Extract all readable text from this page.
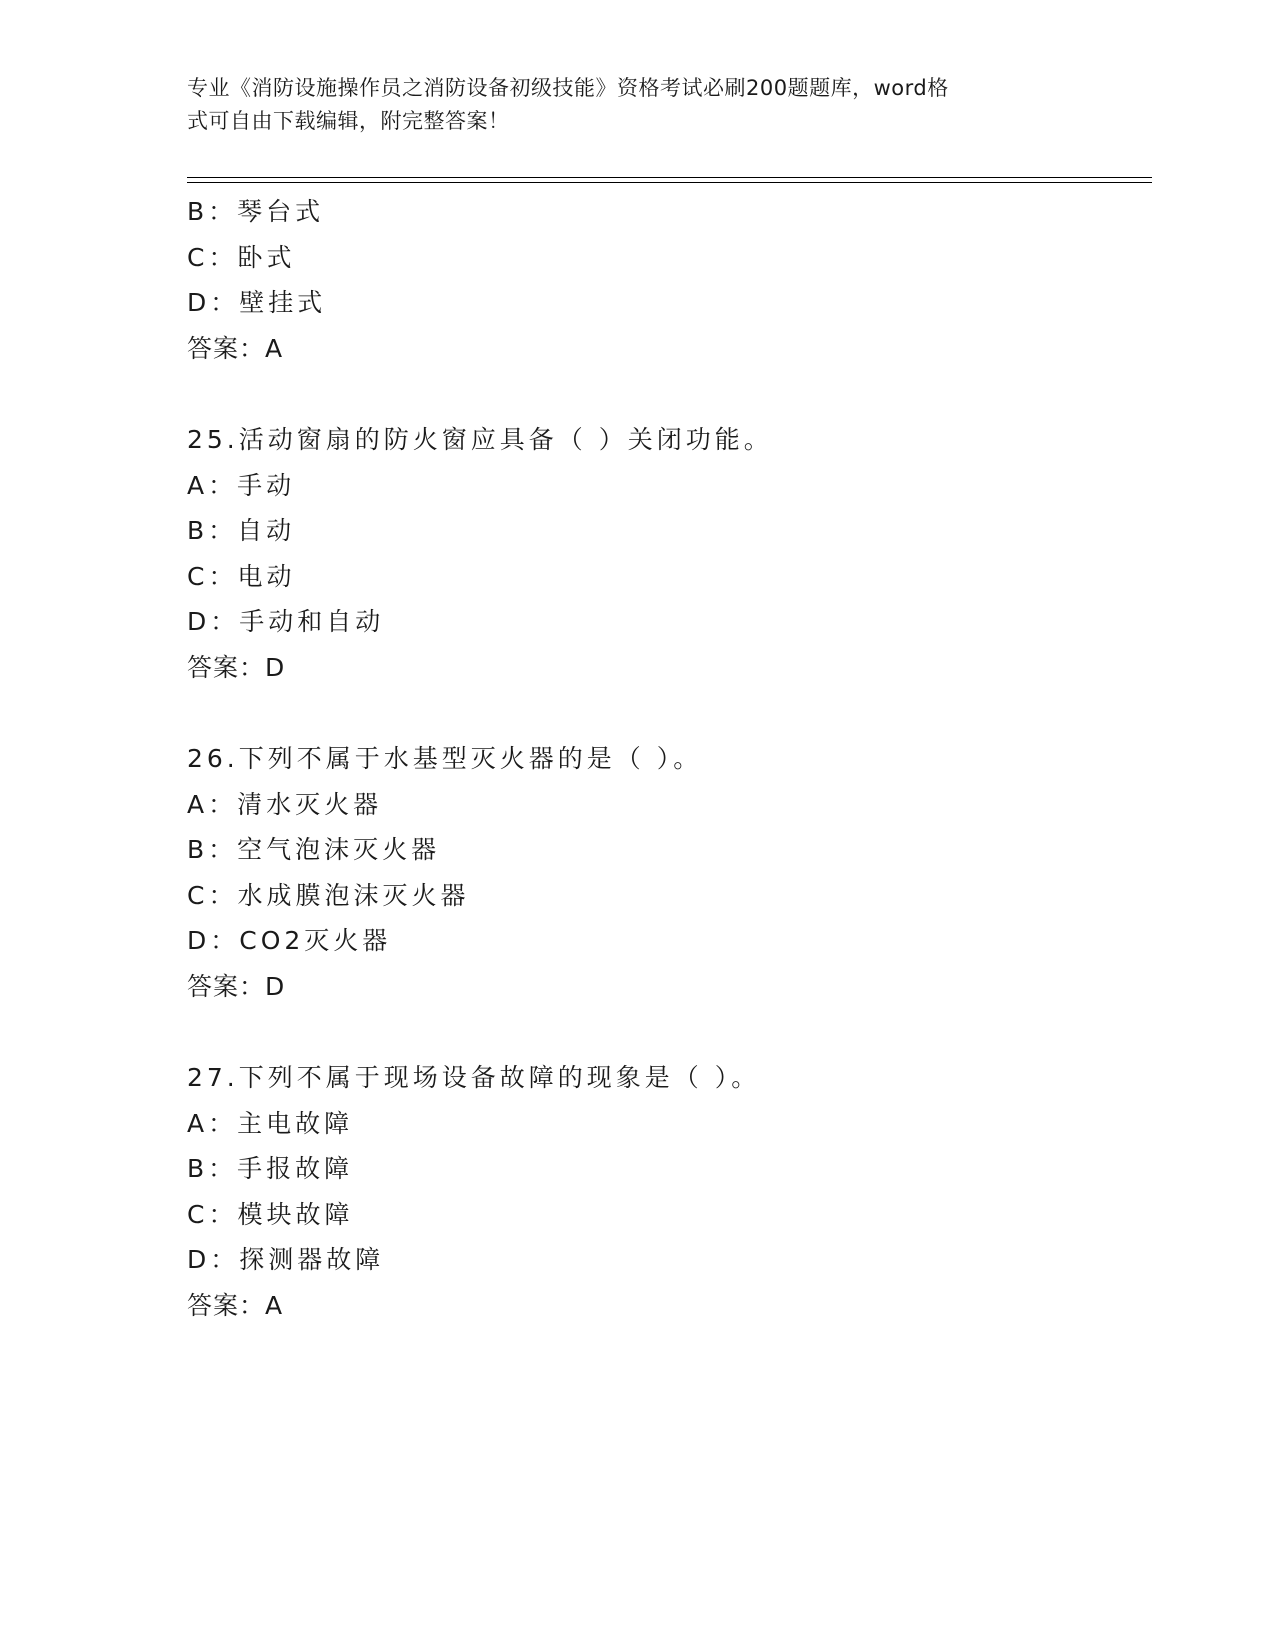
专业《消防设施操作员之消防设备初级技能》资格考试必刷200题题库，word格
式可自由下载编辑，附完整答案！
B：琴台式
C：卧式
D：壁挂式
答案：A
25.活动窗扇的防火窗应具备（ ）关闭功能。
A：手动
B：自动
C：电动
D：手动和自动
答案：D
26.下列不属于水基型灭火器的是（ ）。
A：清水灭火器
B：空气泡沫灭火器
C：水成膜泡沫灭火器
D：CO2灭火器
答案：D
27.下列不属于现场设备故障的现象是（ ）。
A：主电故障
B：手报故障
C：模块故障
D：探测器故障
答案：A
